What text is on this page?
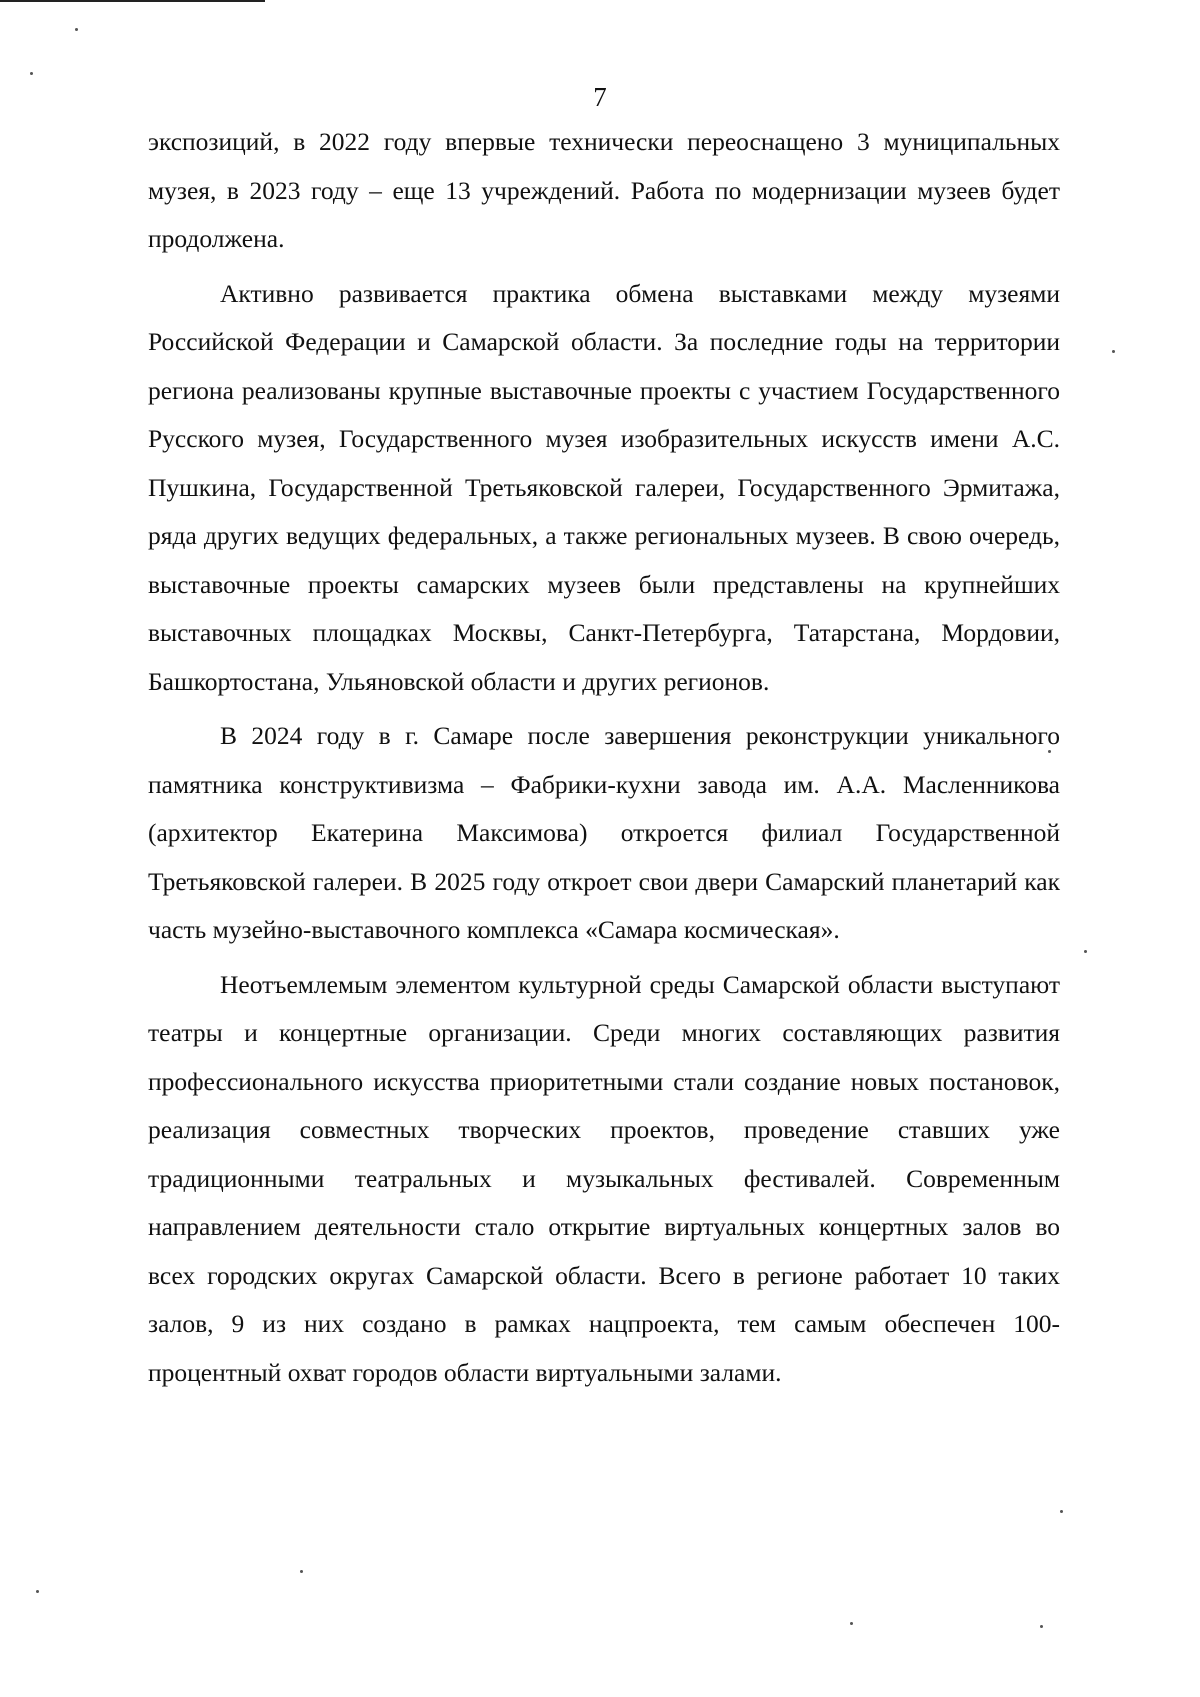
7

экспозиций, в 2022 году впервые технически переоснащено 3 муниципальных музея, в 2023 году – еще 13 учреждений. Работа по модернизации музеев будет продолжена.

Активно развивается практика обмена выставками между музеями Российской Федерации и Самарской области. За последние годы на территории региона реализованы крупные выставочные проекты с участием Государственного Русского музея, Государственного музея изобразительных искусств имени А.С. Пушкина, Государственной Третьяковской галереи, Государственного Эрмитажа, ряда других ведущих федеральных, а также региональных музеев. В свою очередь, выставочные проекты самарских музеев были представлены на крупнейших выставочных площадках Москвы, Санкт-Петербурга, Татарстана, Мордовии, Башкортостана, Ульяновской области и других регионов.

В 2024 году в г. Самаре после завершения реконструкции уникального памятника конструктивизма – Фабрики-кухни завода им. А.А. Масленникова (архитектор Екатерина Максимова) откроется филиал Государственной Третьяковской галереи. В 2025 году откроет свои двери Самарский планетарий как часть музейно-выставочного комплекса «Самара космическая».

Неотъемлемым элементом культурной среды Самарской области выступают театры и концертные организации. Среди многих составляющих развития профессионального искусства приоритетными стали создание новых постановок, реализация совместных творческих проектов, проведение ставших уже традиционными театральных и музыкальных фестивалей. Современным направлением деятельности стало открытие виртуальных концертных залов во всех городских округах Самарской области. Всего в регионе работает 10 таких залов, 9 из них создано в рамках нацпроекта, тем самым обеспечен 100-процентный охват городов области виртуальными залами.
